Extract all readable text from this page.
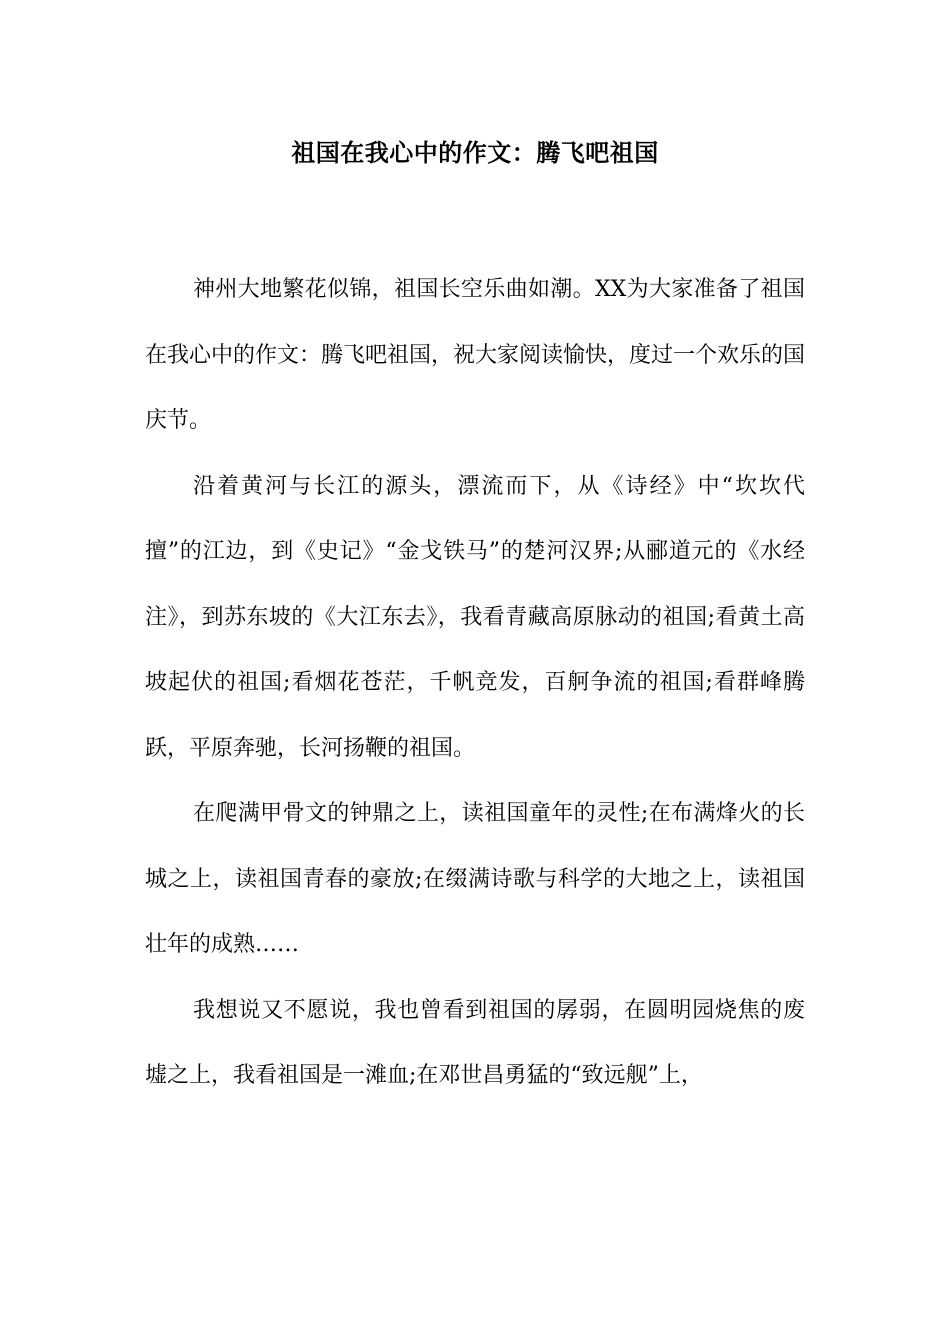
祖国在我心中的作文：腾飞吧祖国

神州大地繁花似锦，祖国长空乐曲如潮。XX为大家准备了祖国在我心中的作文：腾飞吧祖国，祝大家阅读愉快，度过一个欢乐的国庆节。

沿着黄河与长江的源头，漂流而下，从《诗经》中“坎坎代擅”的江边，到《史记》“金戈铁马”的楚河汉界;从郦道元的《水经注》，到苏东坡的《大江东去》，我看青藏高原脉动的祖国;看黄土高坡起伏的祖国;看烟花苍茫，千帆竞发，百舸争流的祖国;看群峰腾跃，平原奔驰，长河扬鞭的祖国。

在爬满甲骨文的钟鼎之上，读祖国童年的灵性;在布满烽火的长城之上，读祖国青春的豪放;在缀满诗歌与科学的大地之上，读祖国壮年的成熟……

我想说又不愿说，我也曾看到祖国的孱弱，在圆明园烧焦的废墟之上，我看祖国是一滩血;在邓世昌勇猛的“致远舰”上，
